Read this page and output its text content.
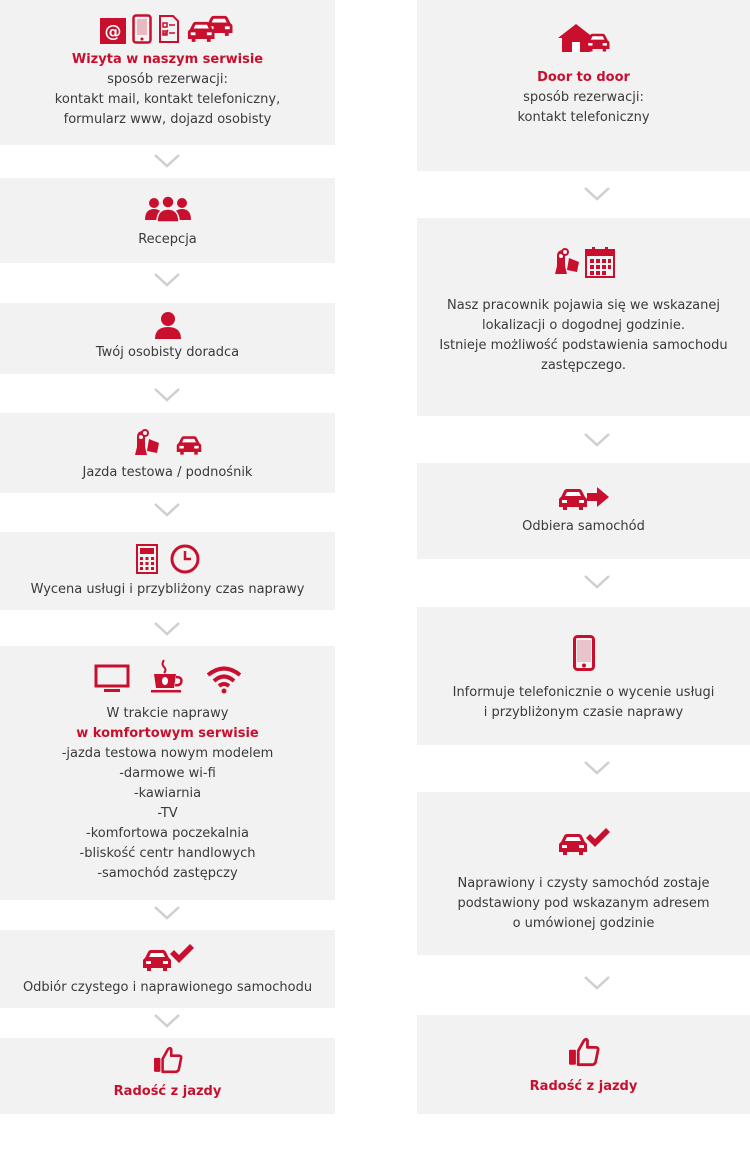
@
Wizyta w naszym serwisie
sposób rezerwacji:
kontakt mail, kontakt telefoniczny,
formularz www, dojazd osobisty
Recepcja
Twój osobisty doradca
Jazda testowa / podnośnik
Wycena usługi i przybliżony czas naprawy
W trakcie naprawy
w komfortowym serwisie
-jazda testowa nowym modelem
-darmowe wi-fi
-kawiarnia
-TV
-komfortowa poczekalnia
-bliskość centr handlowych
-samochód zastępczy
Odbiór czystego i naprawionego samochodu
Radość z jazdy
Door to door
sposób rezerwacji:
kontakt telefoniczny
Nasz pracownik pojawia się we wskazanej
lokalizacji o dogodnej godzinie.
Istnieje możliwość podstawienia samochodu
zastępczego.
Odbiera samochód
Informuje telefonicznie o wycenie usługi
i przybliżonym czasie naprawy
Naprawiony i czysty samochód zostaje
podstawiony pod wskazanym adresem
o umówionej godzinie
Radość z jazdy
